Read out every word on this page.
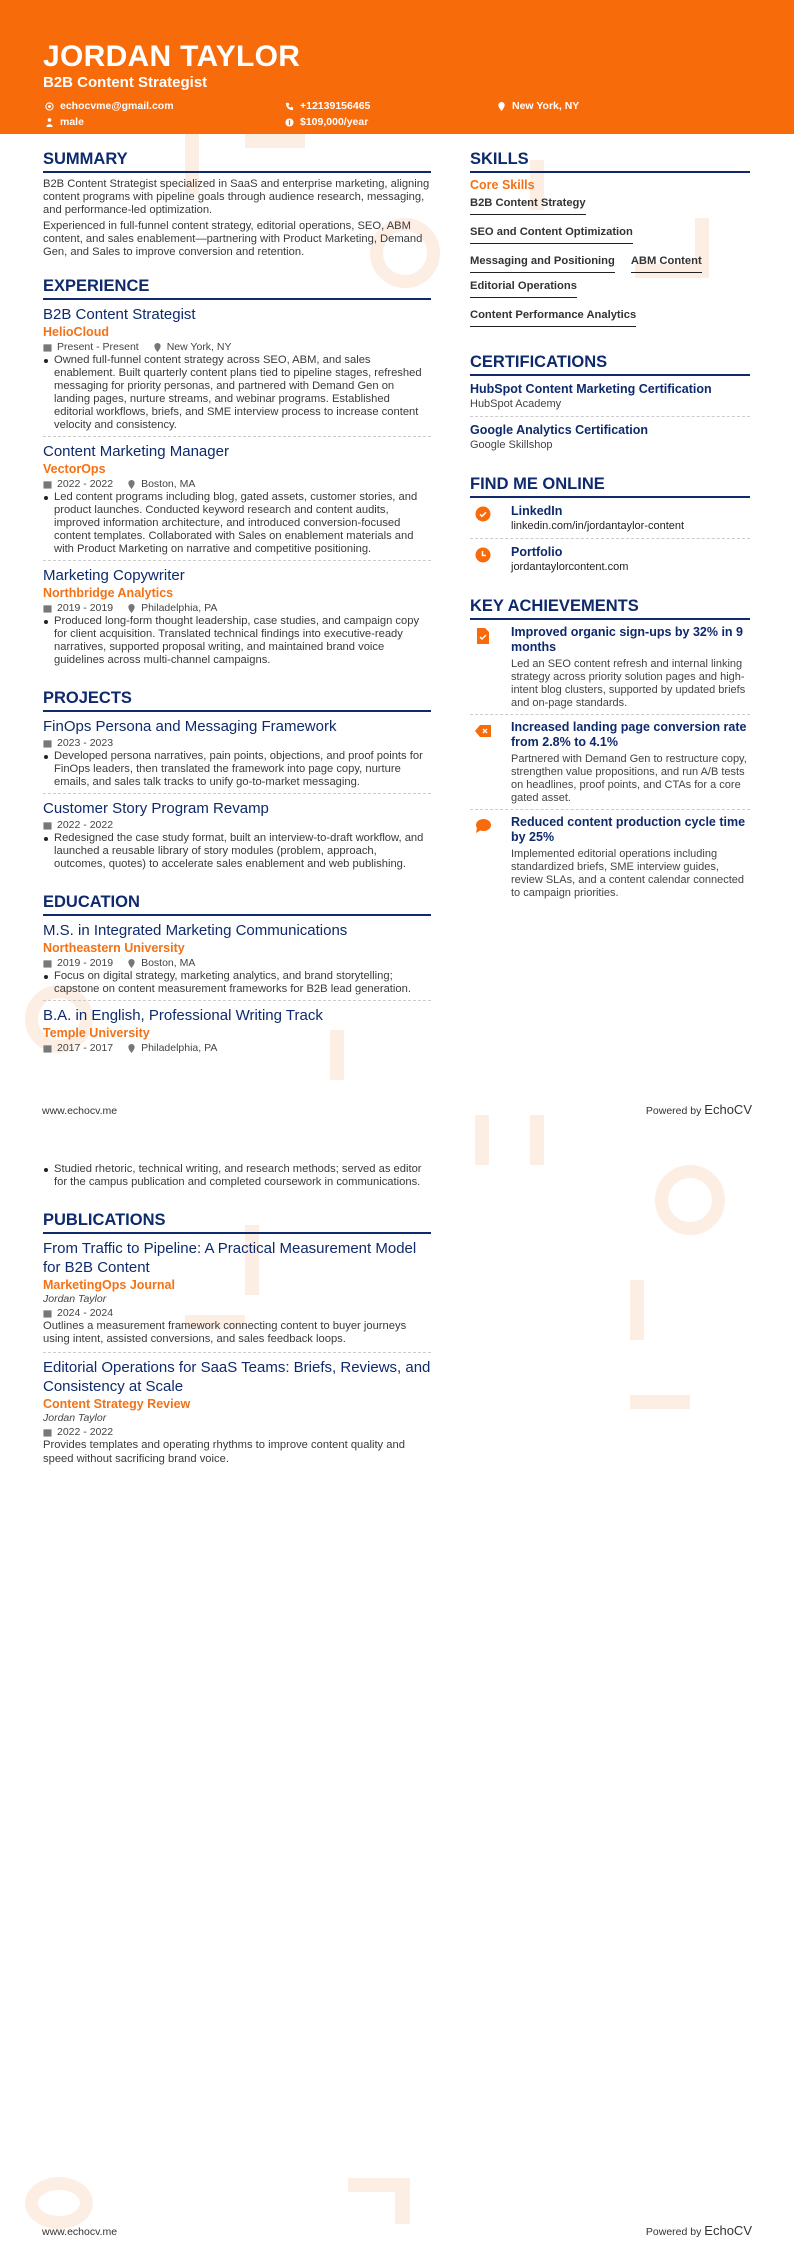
JORDAN TAYLOR
B2B Content Strategist
echocvme@gmail.com	+12139156465	New York, NY
male	$109,000/year
SUMMARY

B2B Content Strategist specialized in SaaS and enterprise marketing, aligning content programs with pipeline goals through audience research, messaging, and performance-led optimization.

Experienced in full-funnel content strategy, editorial operations, SEO, ABM content, and sales enablement—partnering with Product Marketing, Demand Gen, and Sales to improve conversion and retention.

EXPERIENCE
B2B Content Strategist
HelioCloud
Present - Present	New York, NY
Owned full-funnel content strategy across SEO, ABM, and sales enablement. Built quarterly content plans tied to pipeline stages, refreshed messaging for priority personas, and partnered with Demand Gen on landing pages, nurture streams, and webinar programs. Established editorial workflows, briefs, and SME interview process to increase content velocity and consistency.
Content Marketing Manager
VectorOps
2022 - 2022	Boston, MA
Led content programs including blog, gated assets, customer stories, and product launches. Conducted keyword research and content audits, improved information architecture, and introduced conversion-focused content templates. Collaborated with Sales on enablement materials and with Product Marketing on narrative and competitive positioning.
Marketing Copywriter
Northbridge Analytics
2019 - 2019	Philadelphia, PA
Produced long-form thought leadership, case studies, and campaign copy for client acquisition. Translated technical findings into executive-ready narratives, supported proposal writing, and maintained brand voice guidelines across multi-channel campaigns.
PROJECTS
FinOps Persona and Messaging Framework
2023 - 2023
Developed persona narratives, pain points, objections, and proof points for FinOps leaders, then translated the framework into page copy, nurture emails, and sales talk tracks to unify go-to-market messaging.
Customer Story Program Revamp
2022 - 2022
Redesigned the case study format, built an interview-to-draft workflow, and launched a reusable library of story modules (problem, approach, outcomes, quotes) to accelerate sales enablement and web publishing.
EDUCATION
M.S. in Integrated Marketing Communications
Northeastern University
2019 - 2019	Boston, MA
Focus on digital strategy, marketing analytics, and brand storytelling; capstone on content measurement frameworks for B2B lead generation.
B.A. in English, Professional Writing Track
Temple University
2017 - 2017	Philadelphia, PA
Studied rhetoric, technical writing, and research methods; served as editor for the campus publication and completed coursework in communications.
PUBLICATIONS
From Traffic to Pipeline: A Practical Measurement Model for B2B Content
MarketingOps Journal
Jordan Taylor
2024 - 2024

Outlines a measurement framework connecting content to buyer journeys using intent, assisted conversions, and sales feedback loops.

Editorial Operations for SaaS Teams: Briefs, Reviews, and Consistency at Scale
Content Strategy Review
Jordan Taylor
2022 - 2022

Provides templates and operating rhythms to improve content quality and speed without sacrificing brand voice.

SKILLS
Core Skills
B2B Content Strategy
SEO and Content Optimization
Messaging and Positioning ABM Content
Editorial Operations
Content Performance Analytics
CERTIFICATIONS
HubSpot Content Marketing Certification
HubSpot Academy
Google Analytics Certification
Google Skillshop
FIND ME ONLINE
LinkedIn
linkedin.com/in/jordantaylor-content
Portfolio
jordantaylorcontent.com
KEY ACHIEVEMENTS
Improved organic sign-ups by 32% in 9 months
Led an SEO content refresh and internal linking strategy across priority solution pages and high-intent blog clusters, supported by updated briefs and on-page standards.
Increased landing page conversion rate from 2.8% to 4.1%
Partnered with Demand Gen to restructure copy, strengthen value propositions, and run A/B tests on headlines, proof points, and CTAs for a core gated asset.
Reduced content production cycle time by 25%
Implemented editorial operations including standardized briefs, SME interview guides, review SLAs, and a content calendar connected to campaign priorities.
www.echocv.me	Powered by EchoCV
www.echocv.me	Powered by EchoCV
